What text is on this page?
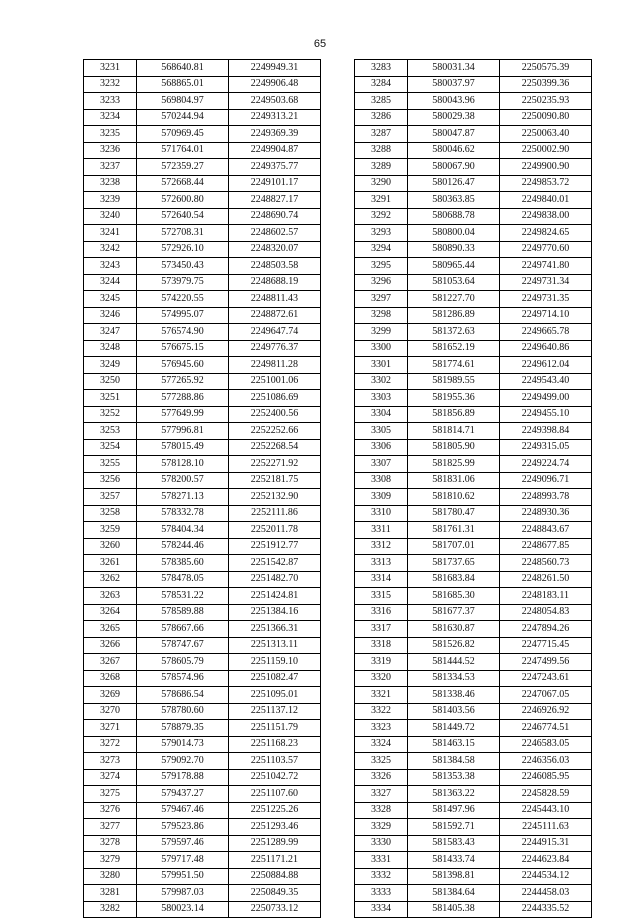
65
3231	568640.81	2249949.31
3232	568865.01	2249906.48
3233	569804.97	2249503.68
3234	570244.94	2249313.21
3235	570969.45	2249369.39
3236	571764.01	2249904.87
3237	572359.27	2249375.77
3238	572668.44	2249101.17
3239	572600.80	2248827.17
3240	572640.54	2248690.74
3241	572708.31	2248602.57
3242	572926.10	2248320.07
3243	573450.43	2248503.58
3244	573979.75	2248688.19
3245	574220.55	2248811.43
3246	574995.07	2248872.61
3247	576574.90	2249647.74
3248	576675.15	2249776.37
3249	576945.60	2249811.28
3250	577265.92	2251001.06
3251	577288.86	2251086.69
3252	577649.99	2252400.56
3253	577996.81	2252252.66
3254	578015.49	2252268.54
3255	578128.10	2252271.92
3256	578200.57	2252181.75
3257	578271.13	2252132.90
3258	578332.78	2252111.86
3259	578404.34	2252011.78
3260	578244.46	2251912.77
3261	578385.60	2251542.87
3262	578478.05	2251482.70
3263	578531.22	2251424.81
3264	578589.88	2251384.16
3265	578667.66	2251366.31
3266	578747.67	2251313.11
3267	578605.79	2251159.10
3268	578574.96	2251082.47
3269	578686.54	2251095.01
3270	578780.60	2251137.12
3271	578879.35	2251151.79
3272	579014.73	2251168.23
3273	579092.70	2251103.57
3274	579178.88	2251042.72
3275	579437.27	2251107.60
3276	579467.46	2251225.26
3277	579523.86	2251293.46
3278	579597.46	2251289.99
3279	579717.48	2251171.21
3280	579951.50	2250884.88
3281	579987.03	2250849.35
3282	580023.14	2250733.12
3283	580031.34	2250575.39
3284	580037.97	2250399.36
3285	580043.96	2250235.93
3286	580029.38	2250090.80
3287	580047.87	2250063.40
3288	580046.62	2250002.90
3289	580067.90	2249900.90
3290	580126.47	2249853.72
3291	580363.85	2249840.01
3292	580688.78	2249838.00
3293	580800.04	2249824.65
3294	580890.33	2249770.60
3295	580965.44	2249741.80
3296	581053.64	2249731.34
3297	581227.70	2249731.35
3298	581286.89	2249714.10
3299	581372.63	2249665.78
3300	581652.19	2249640.86
3301	581774.61	2249612.04
3302	581989.55	2249543.40
3303	581955.36	2249499.00
3304	581856.89	2249455.10
3305	581814.71	2249398.84
3306	581805.90	2249315.05
3307	581825.99	2249224.74
3308	581831.06	2249096.71
3309	581810.62	2248993.78
3310	581780.47	2248930.36
3311	581761.31	2248843.67
3312	581707.01	2248677.85
3313	581737.65	2248560.73
3314	581683.84	2248261.50
3315	581685.30	2248183.11
3316	581677.37	2248054.83
3317	581630.87	2247894.26
3318	581526.82	2247715.45
3319	581444.52	2247499.56
3320	581334.53	2247243.61
3321	581338.46	2247067.05
3322	581403.56	2246926.92
3323	581449.72	2246774.51
3324	581463.15	2246583.05
3325	581384.58	2246356.03
3326	581353.38	2246085.95
3327	581363.22	2245828.59
3328	581497.96	2245443.10
3329	581592.71	2245111.63
3330	581583.43	2244915.31
3331	581433.74	2244623.84
3332	581398.81	2244534.12
3333	581384.64	2244458.03
3334	581405.38	2244335.52
